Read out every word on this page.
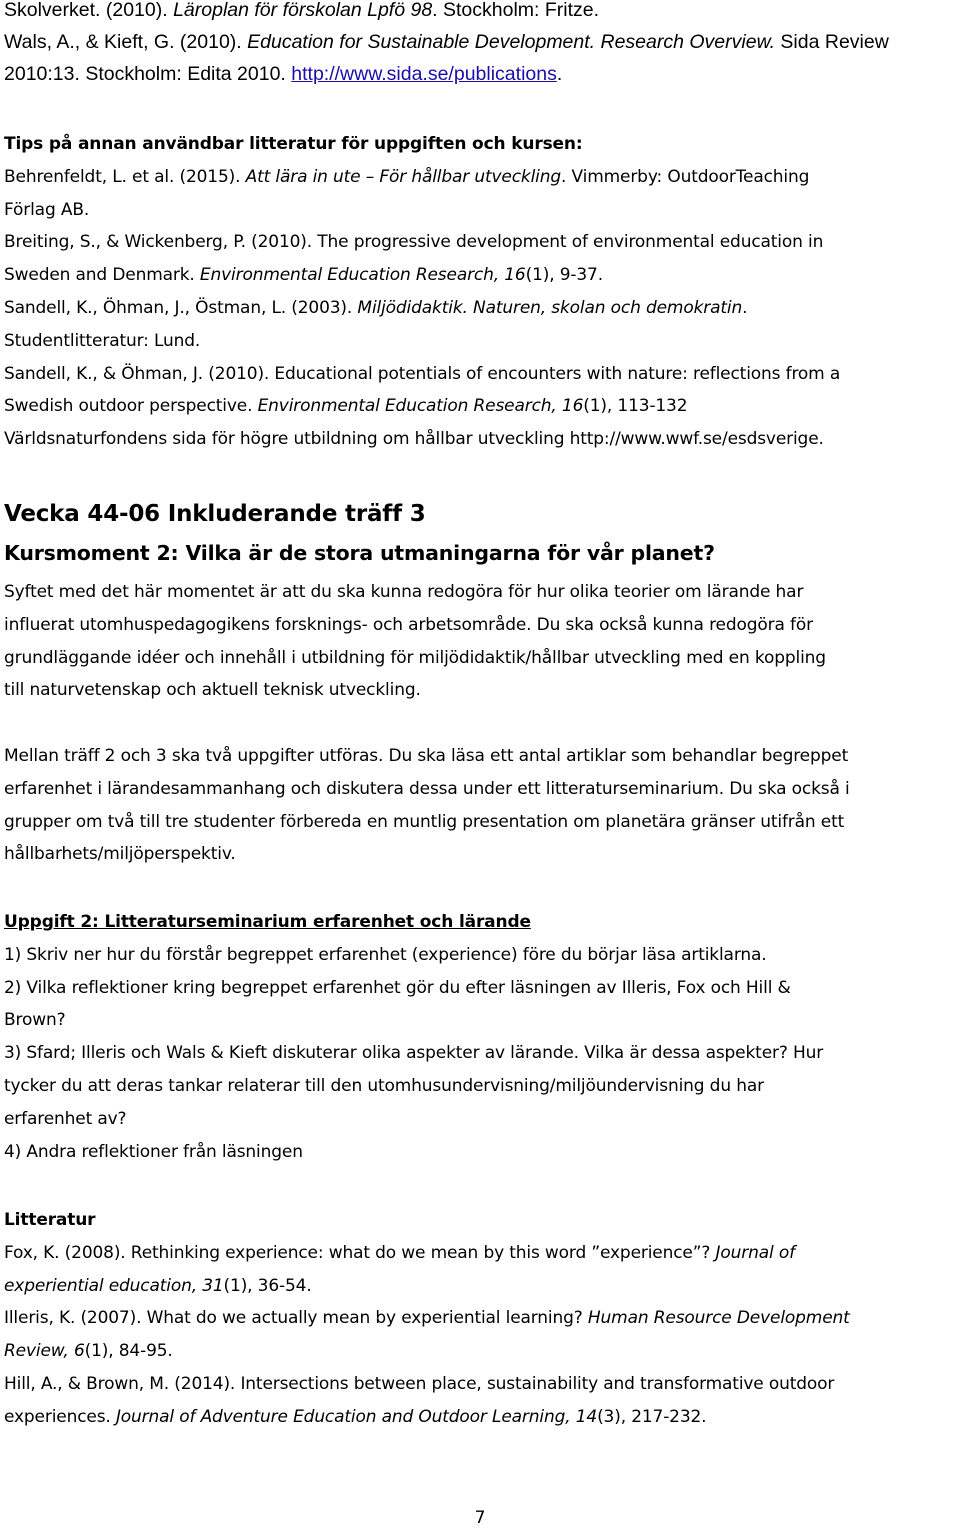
Skolverket. (2010). Läroplan för förskolan Lpfö 98. Stockholm: Fritze.
Wals, A., & Kieft, G. (2010). Education for Sustainable Development. Research Overview. Sida Review
2010:13. Stockholm: Edita 2010. http://www.sida.se/publications.
Tips på annan användbar litteratur för uppgiften och kursen:
Behrenfeldt, L. et al. (2015). Att lära in ute – För hållbar utveckling. Vimmerby: OutdoorTeaching
Förlag AB.
Breiting, S., & Wickenberg, P. (2010). The progressive development of environmental education in
Sweden and Denmark. Environmental Education Research, 16(1), 9-37.
Sandell, K., Öhman, J., Östman, L. (2003). Miljödidaktik. Naturen, skolan och demokratin.
Studentlitteratur: Lund.
Sandell, K., & Öhman, J. (2010). Educational potentials of encounters with nature: reflections from a
Swedish outdoor perspective. Environmental Education Research, 16(1), 113-132
Världsnaturfondens sida för högre utbildning om hållbar utveckling http://www.wwf.se/esdsverige.
Vecka 44-06 Inkluderande träff 3
Kursmoment 2: Vilka är de stora utmaningarna för vår planet?
Syftet med det här momentet är att du ska kunna redogöra för hur olika teorier om lärande har
influerat utomhuspedagogikens forsknings- och arbetsområde. Du ska också kunna redogöra för
grundläggande idéer och innehåll i utbildning för miljödidaktik/hållbar utveckling med en koppling
till naturvetenskap och aktuell teknisk utveckling.
Mellan träff 2 och 3 ska två uppgifter utföras. Du ska läsa ett antal artiklar som behandlar begreppet
erfarenhet i lärandesammanhang och diskutera dessa under ett litteraturseminarium. Du ska också i
grupper om två till tre studenter förbereda en muntlig presentation om planetära gränser utifrån ett
hållbarhets/miljöperspektiv.
Uppgift 2: Litteraturseminarium erfarenhet och lärande
1) Skriv ner hur du förstår begreppet erfarenhet (experience) före du börjar läsa artiklarna.
2) Vilka reflektioner kring begreppet erfarenhet gör du efter läsningen av Illeris, Fox och Hill &
Brown?
3) Sfard; Illeris och Wals & Kieft diskuterar olika aspekter av lärande. Vilka är dessa aspekter? Hur
tycker du att deras tankar relaterar till den utomhusundervisning/miljöundervisning du har
erfarenhet av?
4) Andra reflektioner från läsningen
Litteratur
Fox, K. (2008). Rethinking experience: what do we mean by this word ”experience”? Journal of
experiential education, 31(1), 36-54.
Illeris, K. (2007). What do we actually mean by experiential learning? Human Resource Development
Review, 6(1), 84-95.
Hill, A., & Brown, M. (2014). Intersections between place, sustainability and transformative outdoor
experiences. Journal of Adventure Education and Outdoor Learning, 14(3), 217-232.
7
